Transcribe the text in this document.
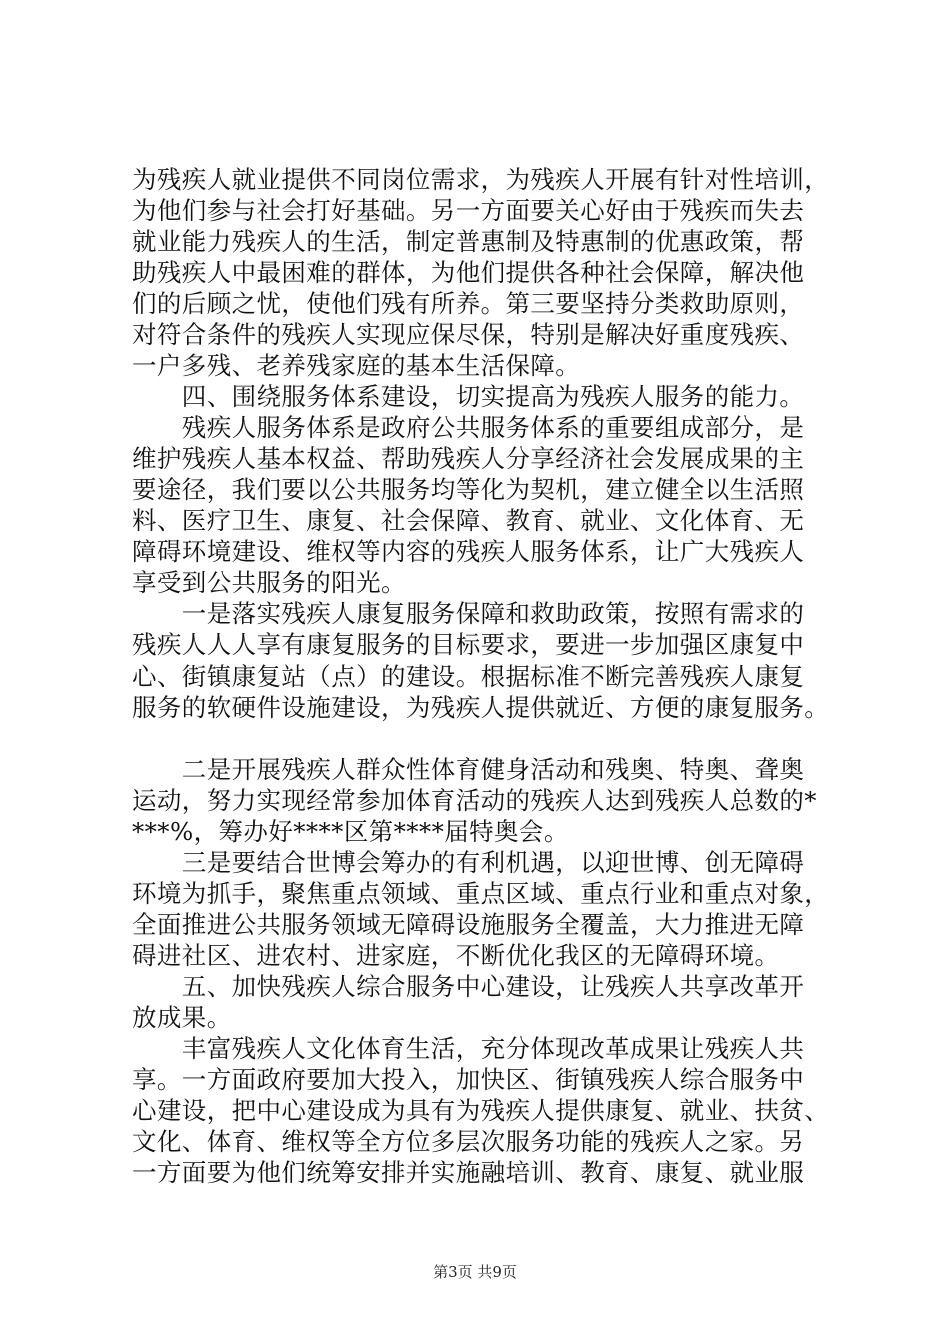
为残疾人就业提供不同岗位需求，为残疾人开展有针对性培训，
为他们参与社会打好基础。另一方面要关心好由于残疾而失去
就业能力残疾人的生活，制定普惠制及特惠制的优惠政策，帮
助残疾人中最困难的群体，为他们提供各种社会保障，解决他
们的后顾之忧，使他们残有所养。第三要坚持分类救助原则，
对符合条件的残疾人实现应保尽保，特别是解决好重度残疾、
一户多残、老养残家庭的基本生活保障。
　　四、围绕服务体系建设，切实提高为残疾人服务的能力。
　　残疾人服务体系是政府公共服务体系的重要组成部分，是
维护残疾人基本权益、帮助残疾人分享经济社会发展成果的主
要途径，我们要以公共服务均等化为契机，建立健全以生活照
料、医疗卫生、康复、社会保障、教育、就业、文化体育、无
障碍环境建设、维权等内容的残疾人服务体系，让广大残疾人
享受到公共服务的阳光。
　　一是落实残疾人康复服务保障和救助政策，按照有需求的
残疾人人人享有康复服务的目标要求，要进一步加强区康复中
心、街镇康复站（点）的建设。根据标准不断完善残疾人康复
服务的软硬件设施建设，为残疾人提供就近、方便的康复服务。
　　二是开展残疾人群众性体育健身活动和残奥、特奥、聋奥
运动，努力实现经常参加体育活动的残疾人达到残疾人总数的*
***%，筹办好****区第****届特奥会。
　　三是要结合世博会筹办的有利机遇，以迎世博、创无障碍
环境为抓手，聚焦重点领域、重点区域、重点行业和重点对象，
全面推进公共服务领域无障碍设施服务全覆盖，大力推进无障
碍进社区、进农村、进家庭，不断优化我区的无障碍环境。
　　五、加快残疾人综合服务中心建设，让残疾人共享改革开
放成果。
　　丰富残疾人文化体育生活，充分体现改革成果让残疾人共
享。一方面政府要加大投入，加快区、街镇残疾人综合服务中
心建设，把中心建设成为具有为残疾人提供康复、就业、扶贫、
文化、体育、维权等全方位多层次服务功能的残疾人之家。另
一方面要为他们统筹安排并实施融培训、教育、康复、就业服
第3页 共9页
